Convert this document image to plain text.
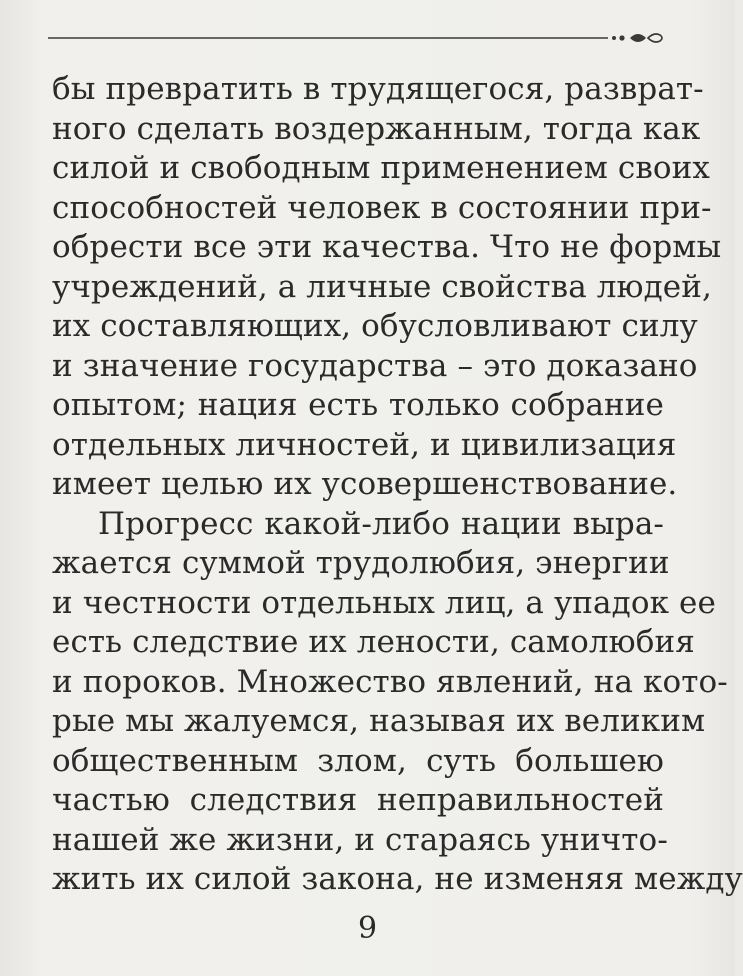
бы превратить в трудящегося, разврат-
ного сделать воздержанным, тогда как
силой и свободным применением своих
способностей человек в состоянии при-
обрести все эти качества. Что не формы
учреждений, а личные свойства людей,
их составляющих, обусловливают силу
и значение государства – это доказано
опытом; нация есть только собрание
отдельных личностей, и цивилизация
имеет целью их усовершенствование.
Прогресс какой-либо нации выра-
жается суммой трудолюбия, энергии
и честности отдельных лиц, а упадок ее
есть следствие их лености, самолюбия
и пороков. Множество явлений, на кото-
рые мы жалуемся, называя их великим
общественным злом, суть большею
частью следствия неправильностей
нашей же жизни, и стараясь уничто-
жить их силой закона, не изменяя между
9
